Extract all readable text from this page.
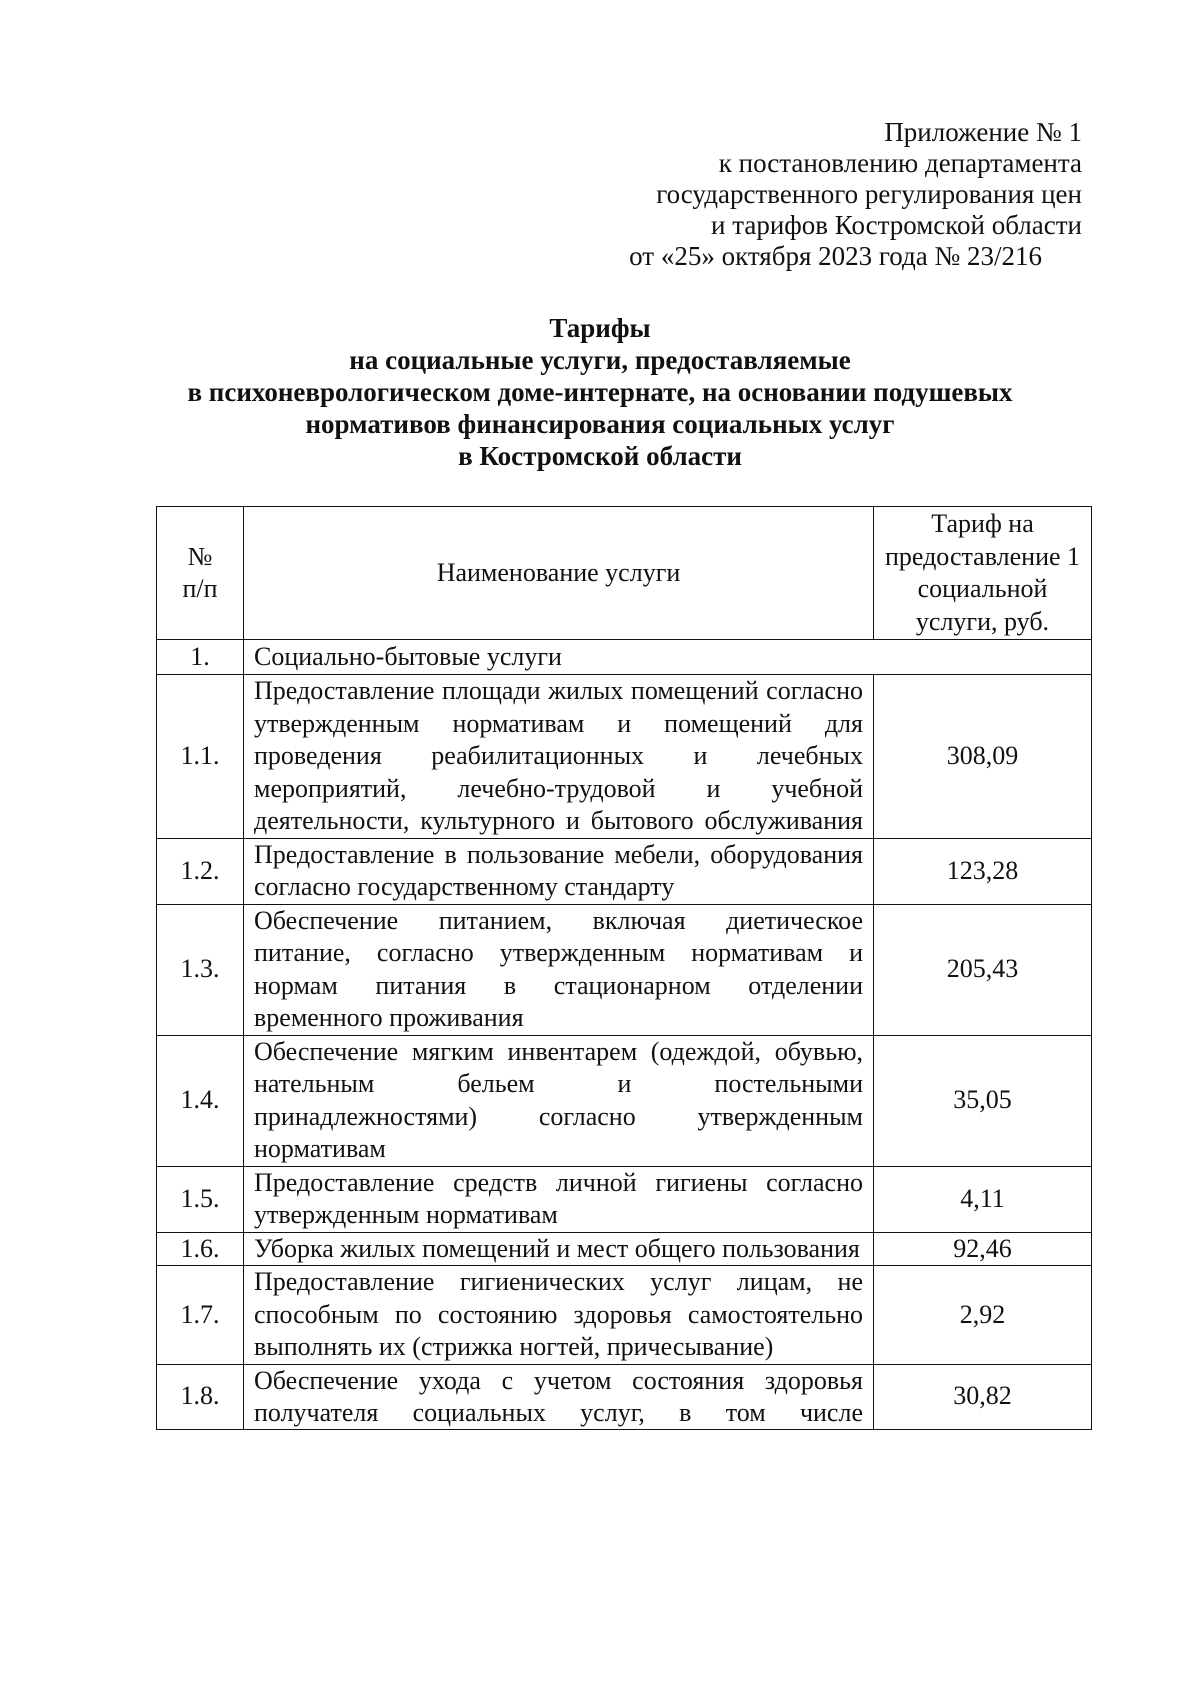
Приложение № 1
к постановлению департамента
государственного регулирования цен
и тарифов Костромской области
от «25» октября 2023 года № 23/216
Тарифы
на социальные услуги, предоставляемые
в психоневрологическом доме-интернате, на основании подушевых
нормативов финансирования социальных услуг
в Костромской области
№ п/п	Наименование услуги	Тариф на предоставление 1 социальной услуги, руб.
1.	Социально-бытовые услуги	
1.1.	Предоставление площади жилых помещений согласно утвержденным нормативам и помещений для проведения реабилитационных и лечебных мероприятий, лечебно-трудовой и учебной деятельности, культурного и бытового обслуживания	308,09
1.2.	Предоставление в пользование мебели, оборудования согласно государственному стандарту	123,28
1.3.	Обеспечение питанием, включая диетическое питание, согласно утвержденным нормативам и нормам питания в стационарном отделении временного проживания	205,43
1.4.	Обеспечение мягким инвентарем (одеждой, обувью, нательным бельем и постельными принадлежностями) согласно утвержденным нормативам	35,05
1.5.	Предоставление средств личной гигиены согласно утвержденным нормативам	4,11
1.6.	Уборка жилых помещений и мест общего пользования	92,46
1.7.	Предоставление гигиенических услуг лицам, не способным по состоянию здоровья самостоятельно выполнять их (стрижка ногтей, причесывание)	2,92
1.8.	Обеспечение ухода с учетом состояния здоровья получателя социальных услуг, в том числе	30,82
